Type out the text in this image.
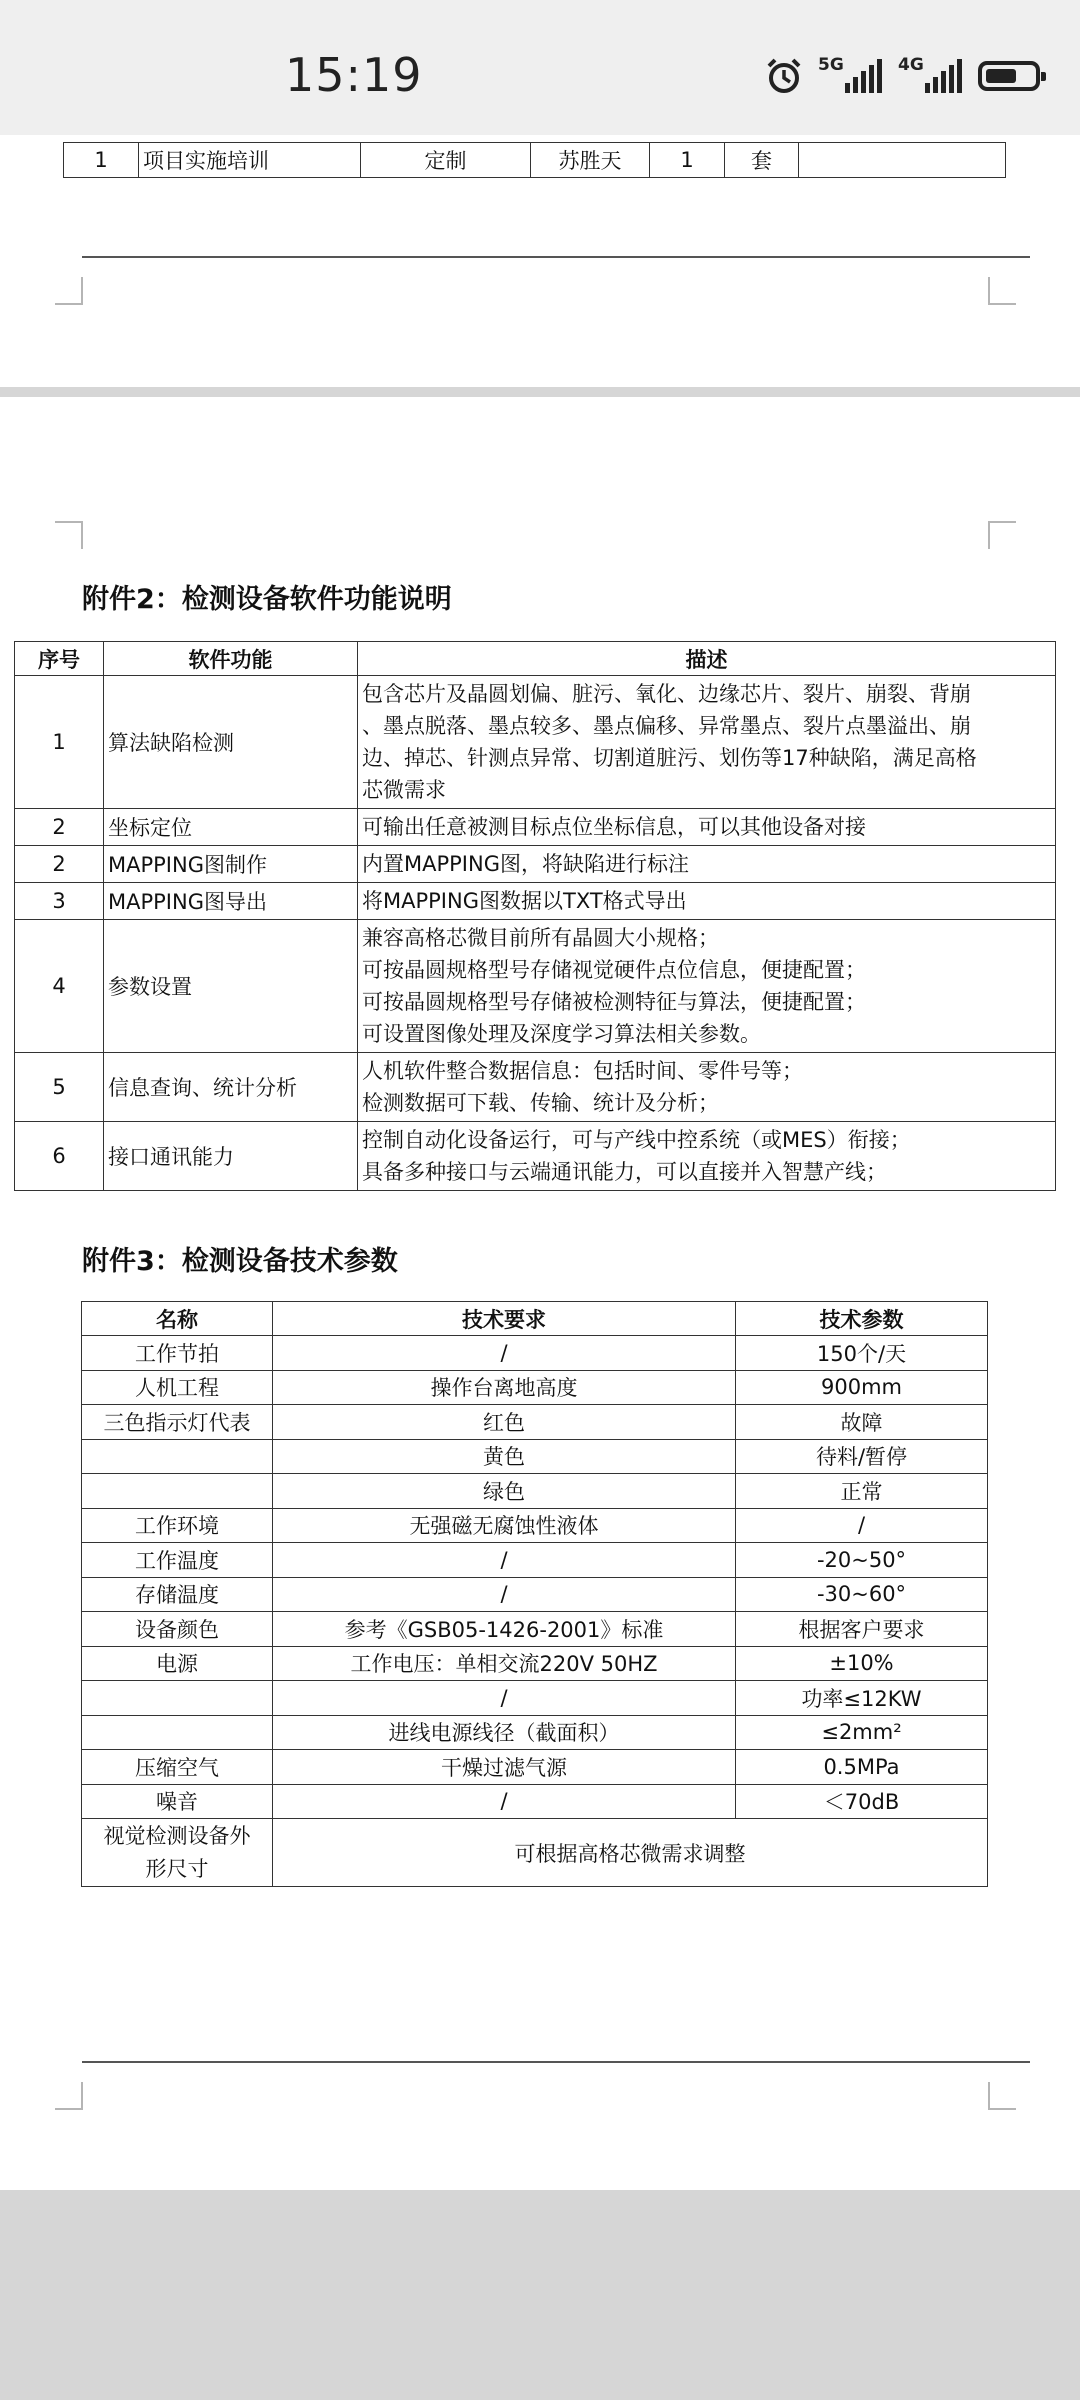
15:19	5G	4G
1	项目实施培训	定制	苏胜天	1	套	
附件2：检测设备软件功能说明
序号	软件功能	描述
1	算法缺陷检测	包含芯片及晶圆划偏、脏污、氧化、边缘芯片、裂片、崩裂、背崩
、墨点脱落、墨点较多、墨点偏移、异常墨点、裂片点墨溢出、崩
边、掉芯、针测点异常、切割道脏污、划伤等17种缺陷，满足高格
芯微需求

2	坐标定位	可输出任意被测目标点位坐标信息，可以其他设备对接

2	MAPPING图制作	内置MAPPING图，将缺陷进行标注

3	MAPPING图导出	将MAPPING图数据以TXT格式导出

4	参数设置	兼容高格芯微目前所有晶圆大小规格；
可按晶圆规格型号存储视觉硬件点位信息，便捷配置；
可按晶圆规格型号存储被检测特征与算法，便捷配置；
可设置图像处理及深度学习算法相关参数。

5	信息查询、统计分析	人机软件整合数据信息：包括时间、零件号等；
检测数据可下载、传输、统计及分析；

6	接口通讯能力	控制自动化设备运行，可与产线中控系统（或MES）衔接；
具备多种接口与云端通讯能力，可以直接并入智慧产线；
附件3：检测设备技术参数
名称	技术要求	技术参数
工作节拍	/	150个/天
人机工程	操作台离地高度	900mm
三色指示灯代表	红色	故障
	黄色	待料/暂停
	绿色	正常
工作环境	无强磁无腐蚀性液体	/
工作温度	/	-20~50°
存储温度	/	-30~60°
设备颜色	参考《GSB05-1426-2001》标准	根据客户要求
电源	工作电压：单相交流220V 50HZ	±10%
	/	功率≤12KW
	进线电源线径（截面积）	≤2mm²
压缩空气	干燥过滤气源	0.5MPa
噪音	/	＜70dB
视觉检测设备外
形尺寸	可根据高格芯微需求调整	
